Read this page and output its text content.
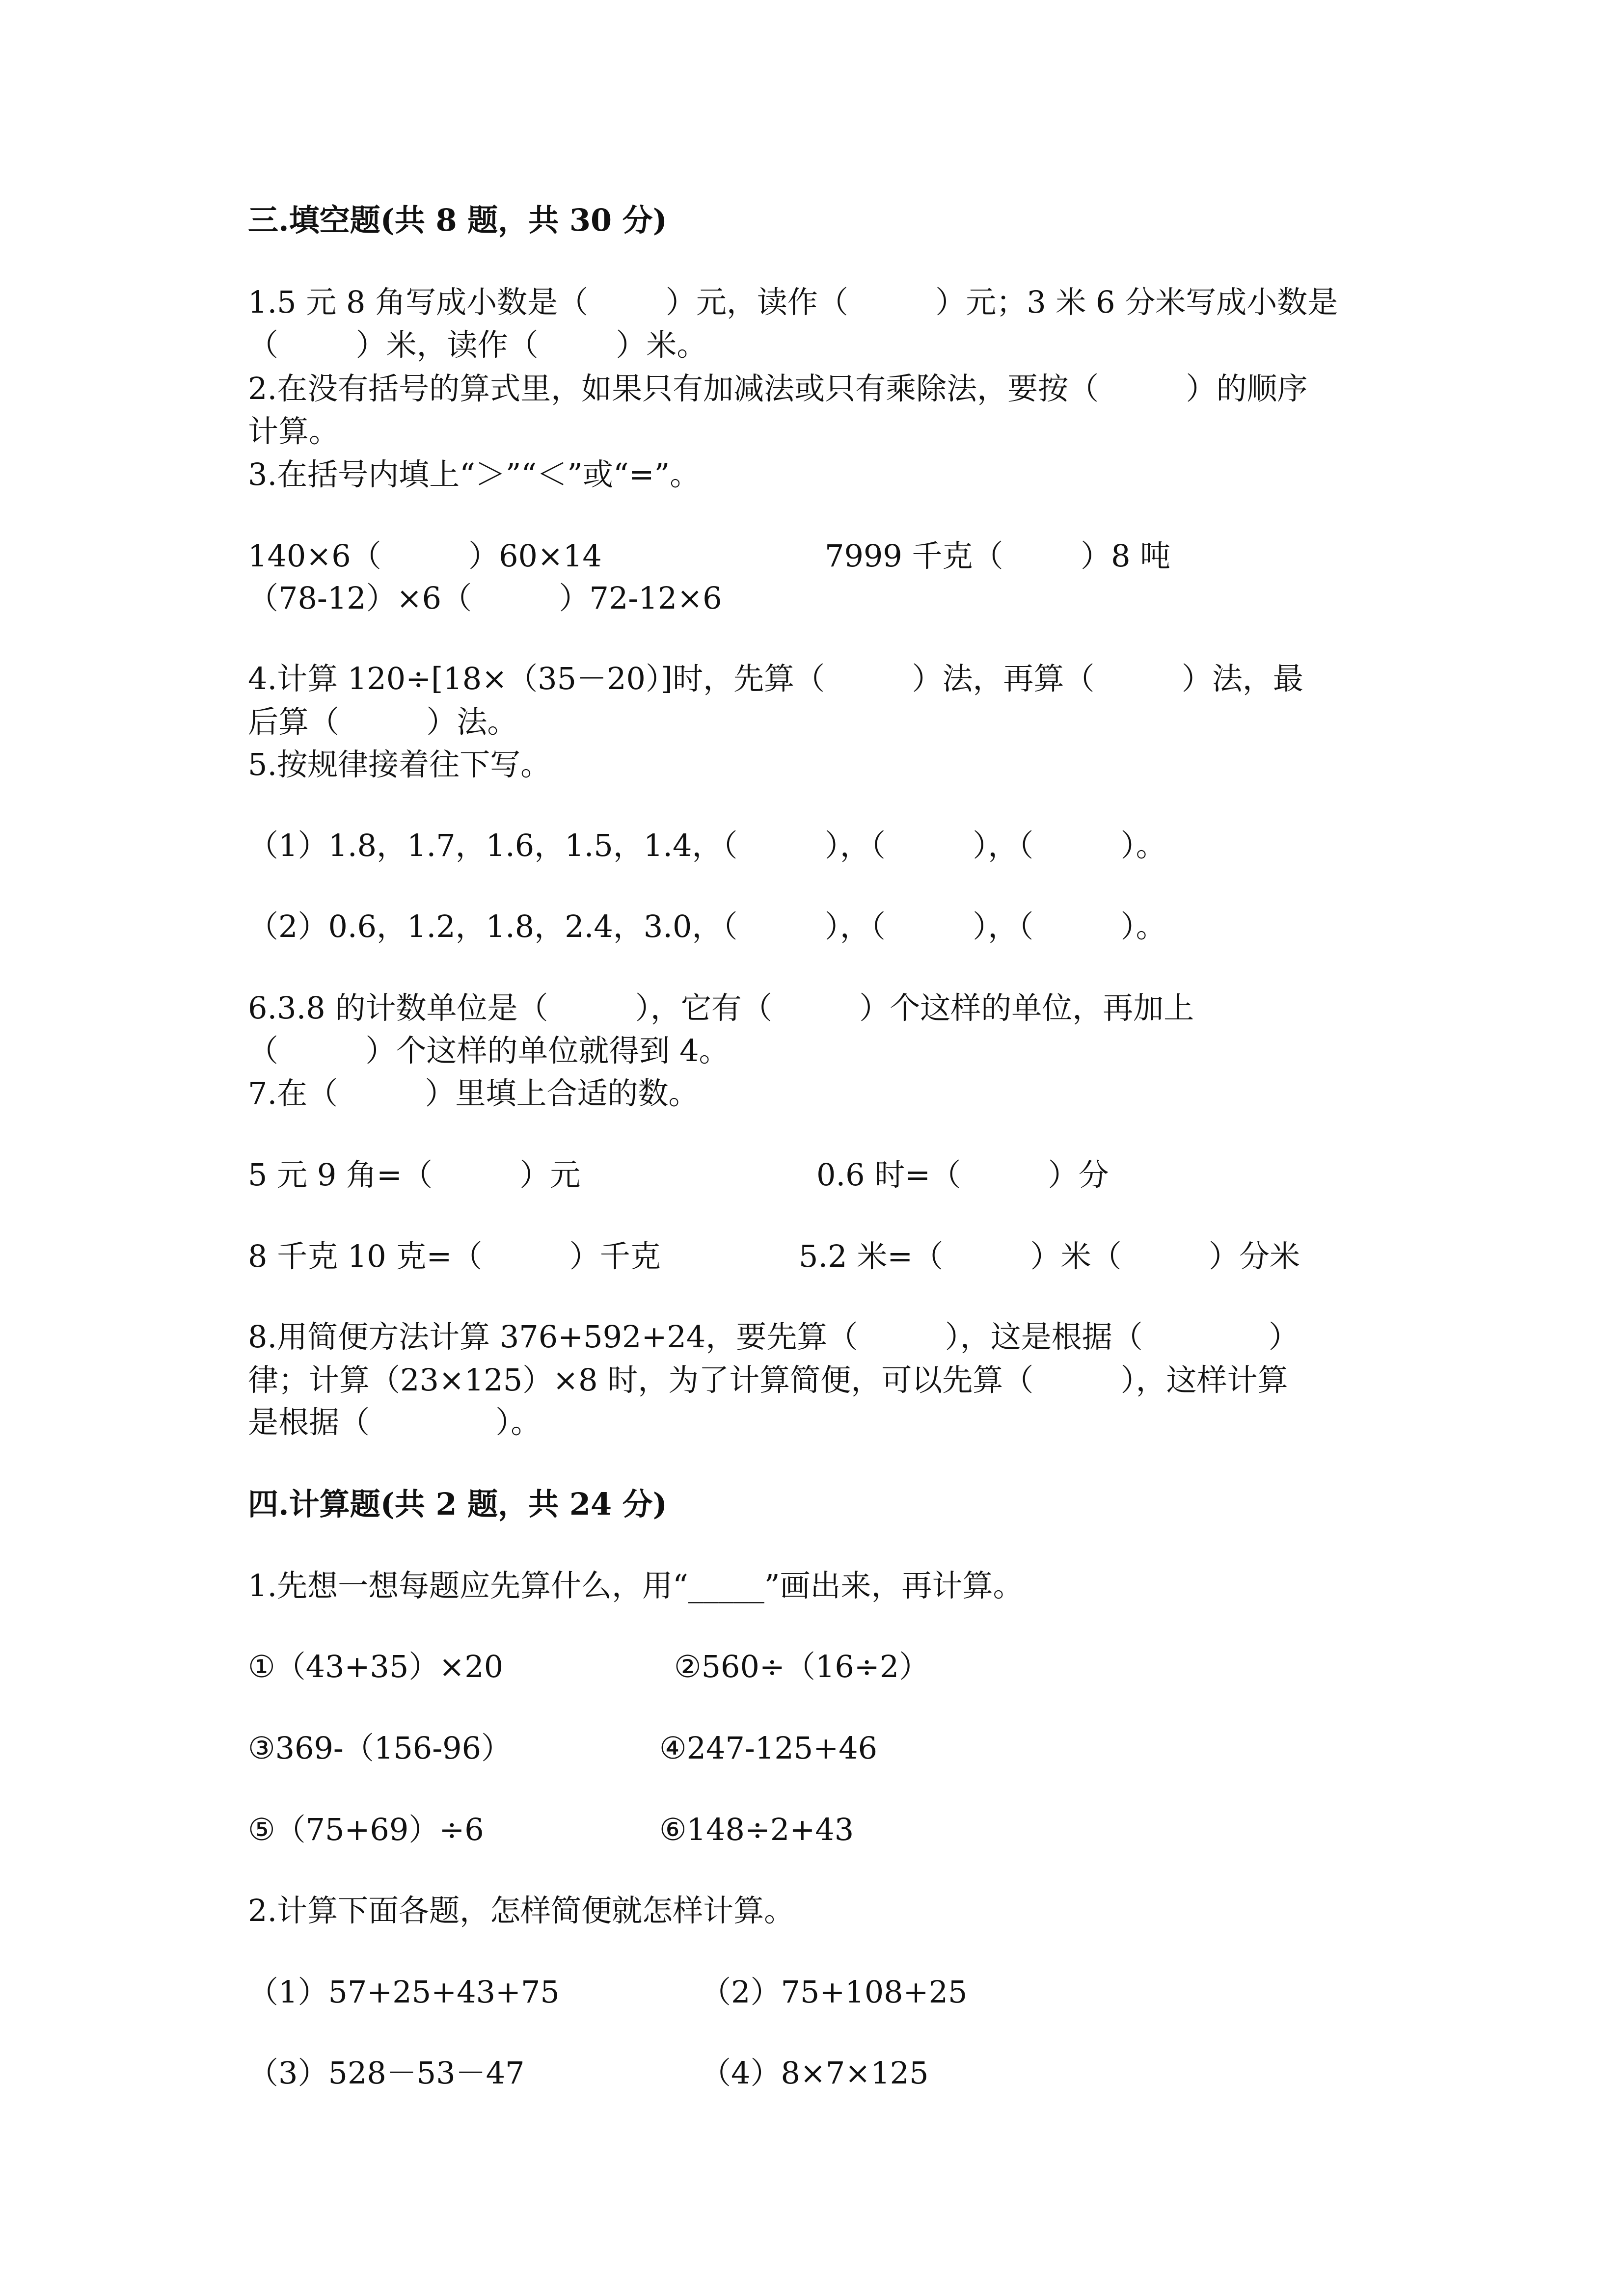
三.填空题(共 8 题，共 30 分)
1.5 元 8 角写成小数是（        ）元，读作（         ）元；3 米 6 分米写成小数是
（        ）米，读作（        ）米。
2.在没有括号的算式里，如果只有加减法或只有乘除法，要按（         ）的顺序
计算。
3.在括号内填上“＞”“＜”或“=”。
140×6（         ）60×14	7999 千克（        ）8 吨
（78-12）×6（         ）72-12×6
4.计算 120÷[18×（35－20）]时，先算（         ）法，再算（         ）法，最
后算（         ）法。
5.按规律接着往下写。
（1）1.8，1.7，1.6，1.5，1.4，（         ），（         ），（         ）。
（2）0.6，1.2，1.8，2.4，3.0，（         ），（         ），（         ）。
6.3.8 的计数单位是（         ），它有（         ）个这样的单位，再加上
（         ）个这样的单位就得到 4。
7.在（         ）里填上合适的数。
5 元 9 角=（         ）元	0.6 时=（         ）分
8 千克 10 克=（         ）千克	5.2 米=（         ）米（         ）分米
8.用简便方法计算 376+592+24，要先算（         ），这是根据（             ）
律；计算（23×125）×8 时，为了计算简便，可以先算（         ），这样计算
是根据（             ）。
四.计算题(共 2 题，共 24 分)
1.先想一想每题应先算什么，用“_____”画出来，再计算。
①（43+35）×20	②560÷（16÷2）
③369-（156-96）	④247-125+46
⑤（75+69）÷6	⑥148÷2+43
2.计算下面各题，怎样简便就怎样计算。
（1）57+25+43+75	（2）75+108+25
（3）528－53－47	（4）8×7×125
